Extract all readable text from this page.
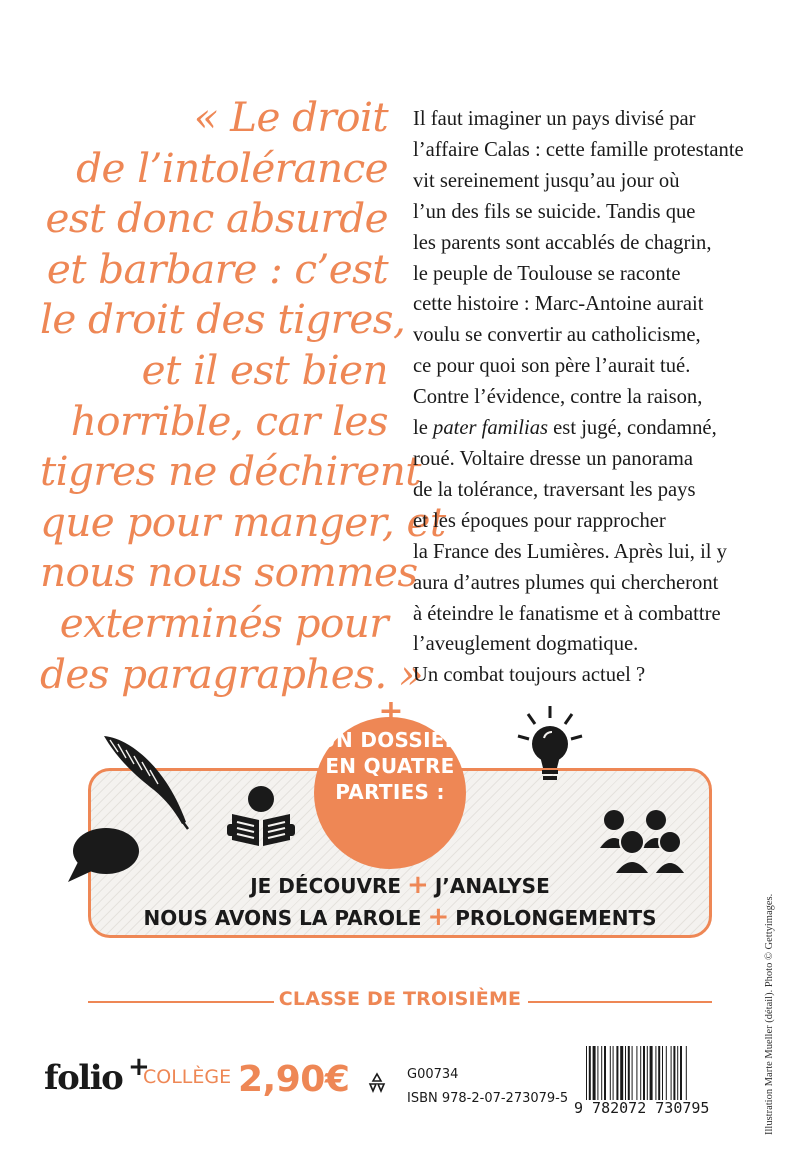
« Le droit
de l’intolérance
est donc absurde
et barbare : c’est
le droit des tigres,
et il est bien
horrible, car les
tigres ne déchirent
que pour manger, et
nous nous sommes
exterminés pour
des paragraphes. »
Il faut imaginer un pays divisé par
l’affaire Calas : cette famille protestante
vit sereinement jusqu’au jour où
l’un des fils se suicide. Tandis que
les parents sont accablés de chagrin,
le peuple de Toulouse se raconte
cette histoire : Marc-Antoine aurait
voulu se convertir au catholicisme,
ce pour quoi son père l’aurait tué.
Contre l’évidence, contre la raison,
le pater familias est jugé, condamné,
roué. Voltaire dresse un panorama
de la tolérance, traversant les pays
et les époques pour rapprocher
la France des Lumières. Après lui, il y
aura d’autres plumes qui chercheront
à éteindre le fanatisme et à combattre
l’aveuglement dogmatique.
Un combat toujours actuel ?
+
UN DOSSIER
EN QUATRE
PARTIES :
JE DÉCOUVRE + J’ANALYSE
NOUS AVONS LA PAROLE + PROLONGEMENTS
CLASSE DE TROISIÈME
folio +
COLLÈGE 2,90€	G00734
ISBN 978-2-07-273079-5
9 782072 730795	Illustration Marte Mueller (détail). Photo © Gettyimages.
